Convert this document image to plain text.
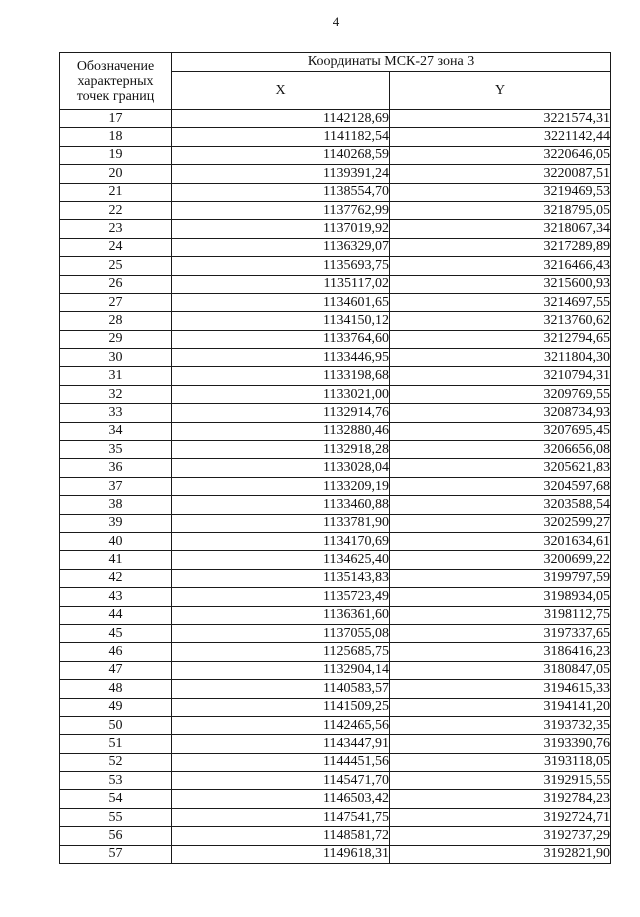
4
Обозначение характерных точек границ	Координаты МСК-27 зона 3	
	X	Y
17	1142128,69	3221574,31
18	1141182,54	3221142,44
19	1140268,59	3220646,05
20	1139391,24	3220087,51
21	1138554,70	3219469,53
22	1137762,99	3218795,05
23	1137019,92	3218067,34
24	1136329,07	3217289,89
25	1135693,75	3216466,43
26	1135117,02	3215600,93
27	1134601,65	3214697,55
28	1134150,12	3213760,62
29	1133764,60	3212794,65
30	1133446,95	3211804,30
31	1133198,68	3210794,31
32	1133021,00	3209769,55
33	1132914,76	3208734,93
34	1132880,46	3207695,45
35	1132918,28	3206656,08
36	1133028,04	3205621,83
37	1133209,19	3204597,68
38	1133460,88	3203588,54
39	1133781,90	3202599,27
40	1134170,69	3201634,61
41	1134625,40	3200699,22
42	1135143,83	3199797,59
43	1135723,49	3198934,05
44	1136361,60	3198112,75
45	1137055,08	3197337,65
46	1125685,75	3186416,23
47	1132904,14	3180847,05
48	1140583,57	3194615,33
49	1141509,25	3194141,20
50	1142465,56	3193732,35
51	1143447,91	3193390,76
52	1144451,56	3193118,05
53	1145471,70	3192915,55
54	1146503,42	3192784,23
55	1147541,75	3192724,71
56	1148581,72	3192737,29
57	1149618,31	3192821,90
